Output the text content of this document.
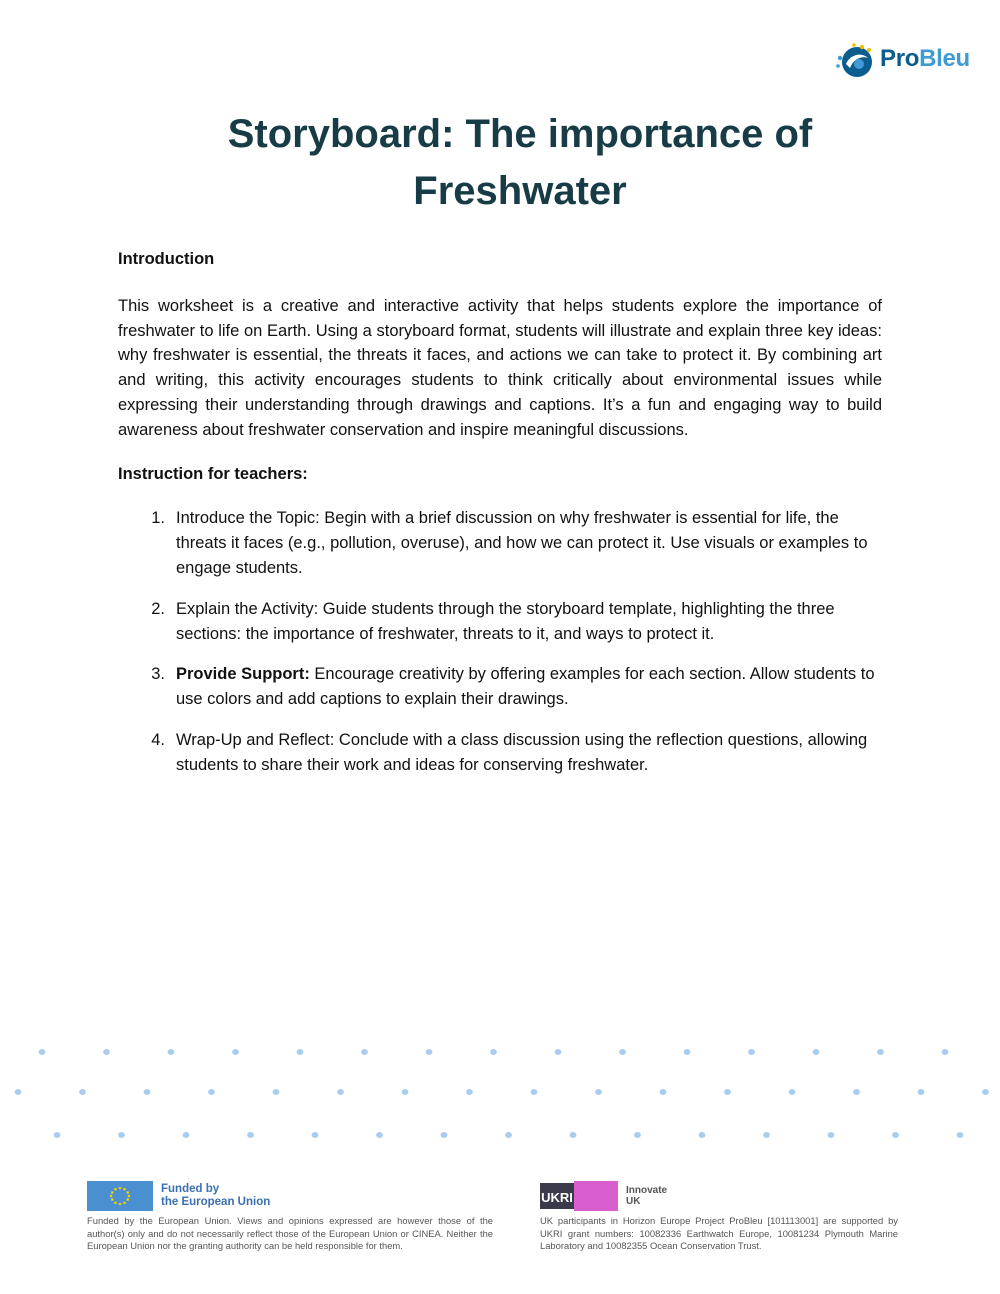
ProBleu
Storyboard: The importance of
Freshwater

Introduction

This worksheet is a creative and interactive activity that helps students explore the importance of freshwater to life on Earth. Using a storyboard format, students will illustrate and explain three key ideas: why freshwater is essential, the threats it faces, and actions we can take to protect it. By combining art and writing, this activity encourages students to think critically about environmental issues while expressing their understanding through drawings and captions. It’s a fun and engaging way to build awareness about freshwater conservation and inspire meaningful discussions.

Instruction for teachers:

1. Introduce the Topic: Begin with a brief discussion on why freshwater is essential for life, the threats it faces (e.g., pollution, overuse), and how we can protect it. Use visuals or examples to engage students.
2. Explain the Activity: Guide students through the storyboard template, highlighting the three sections: the importance of freshwater, threats to it, and ways to protect it.
3. Provide Support: Encourage creativity by offering examples for each section. Allow students to use colors and add captions to explain their drawings.
4. Wrap-Up and Reflect: Conclude with a class discussion using the reflection questions, allowing students to share their work and ideas for conserving freshwater.
Funded by
the European Union
Funded by the European Union. Views and opinions expressed are however those of the author(s) only and do not necessarily reflect those of the European Union or CINEA. Neither the European Union nor the granting authority can be held responsible for them.
UKRI	Innovate
UK
UK participants in Horizon Europe Project ProBleu [101113001] are supported by UKRI grant numbers: 10082336 Earthwatch Europe, 10081234 Plymouth Marine Laboratory and 10082355 Ocean Conservation Trust.
